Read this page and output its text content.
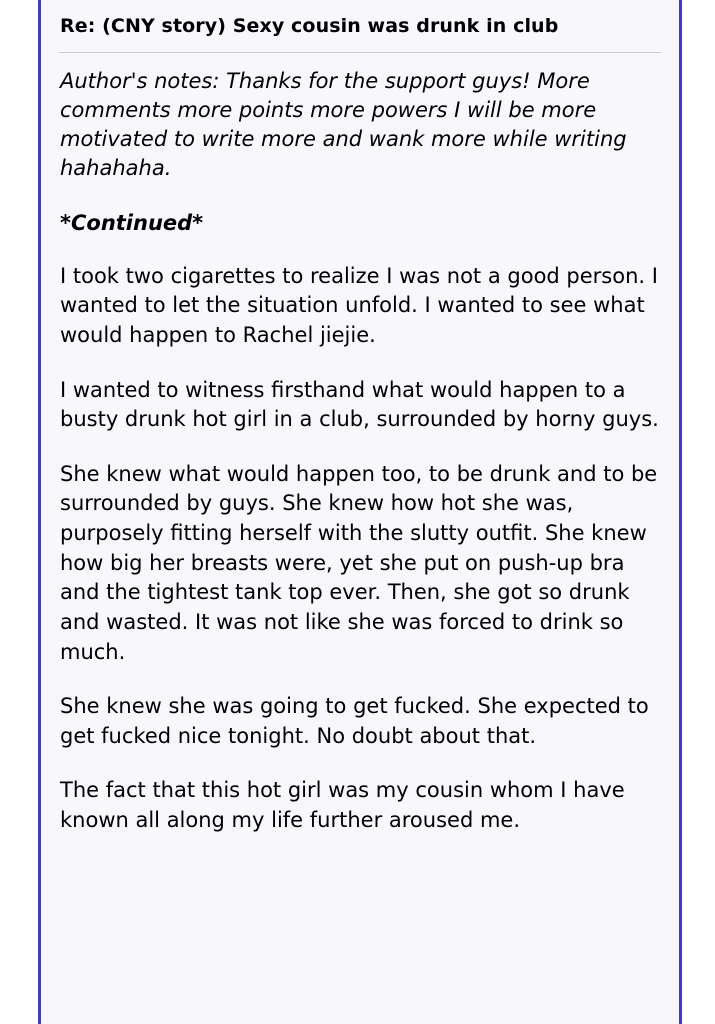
Re: (CNY story) Sexy cousin was drunk in club
Author's notes: Thanks for the support guys! More comments more points more powers I will be more motivated to write more and wank more while writing hahahaha.
*Continued*
I took two cigarettes to realize I was not a good person. I wanted to let the situation unfold. I wanted to see what would happen to Rachel jiejie.
I wanted to witness firsthand what would happen to a busty drunk hot girl in a club, surrounded by horny guys.
She knew what would happen too, to be drunk and to be surrounded by guys. She knew how hot she was, purposely fitting herself with the slutty outfit. She knew how big her breasts were, yet she put on push-up bra and the tightest tank top ever. Then, she got so drunk and wasted. It was not like she was forced to drink so much.
She knew she was going to get fucked. She expected to get fucked nice tonight. No doubt about that.
The fact that this hot girl was my cousin whom I have known all along my life further aroused me.
